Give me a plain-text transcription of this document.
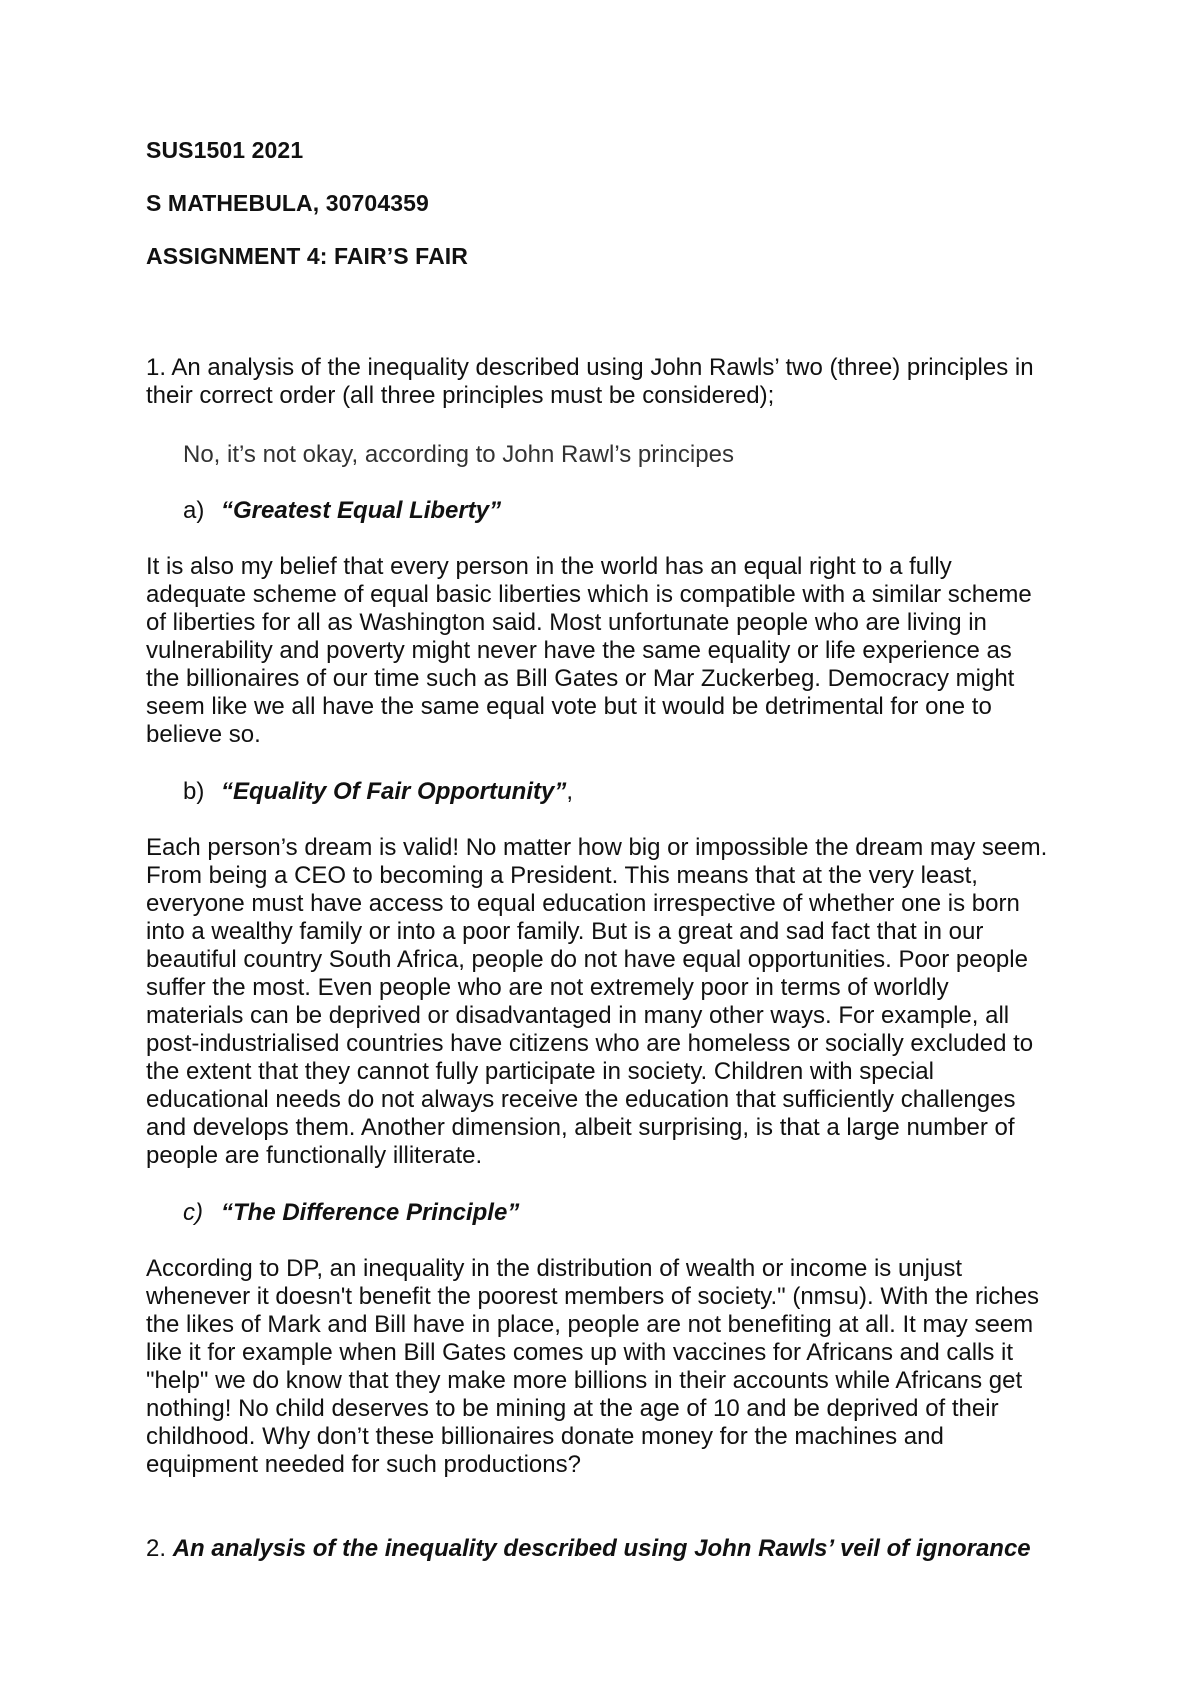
SUS1501 2021

S MATHEBULA, 30704359

ASSIGNMENT 4: FAIR’S FAIR

1. An analysis of the inequality described using John Rawls’ two (three) principles in
their correct order (all three principles must be considered);

No, it’s not okay, according to John Rawl’s principes

a) “Greatest Equal Liberty”

It is also my belief that every person in the world has an equal right to a fully
adequate scheme of equal basic liberties which is compatible with a similar scheme
of liberties for all as Washington said. Most unfortunate people who are living in
vulnerability and poverty might never have the same equality or life experience as
the billionaires of our time such as Bill Gates or Mar Zuckerbeg. Democracy might
seem like we all have the same equal vote but it would be detrimental for one to
believe so.

b) “Equality Of Fair Opportunity”,

Each person’s dream is valid! No matter how big or impossible the dream may seem.
From being a CEO to becoming a President. This means that at the very least,
everyone must have access to equal education irrespective of whether one is born
into a wealthy family or into a poor family. But is a great and sad fact that in our
beautiful country South Africa, people do not have equal opportunities. Poor people
suffer the most. Even people who are not extremely poor in terms of worldly
materials can be deprived or disadvantaged in many other ways. For example, all
post-industrialised countries have citizens who are homeless or socially excluded to
the extent that they cannot fully participate in society. Children with special
educational needs do not always receive the education that sufficiently challenges
and develops them. Another dimension, albeit surprising, is that a large number of
people are functionally illiterate.

c) “The Difference Principle”

According to DP, an inequality in the distribution of wealth or income is unjust
whenever it doesn't benefit the poorest members of society." (nmsu). With the riches
the likes of Mark and Bill have in place, people are not benefiting at all. It may seem
like it for example when Bill Gates comes up with vaccines for Africans and calls it
"help" we do know that they make more billions in their accounts while Africans get
nothing! No child deserves to be mining at the age of 10 and be deprived of their
childhood. Why don’t these billionaires donate money for the machines and
equipment needed for such productions?

2. An analysis of the inequality described using John Rawls’ veil of ignorance
